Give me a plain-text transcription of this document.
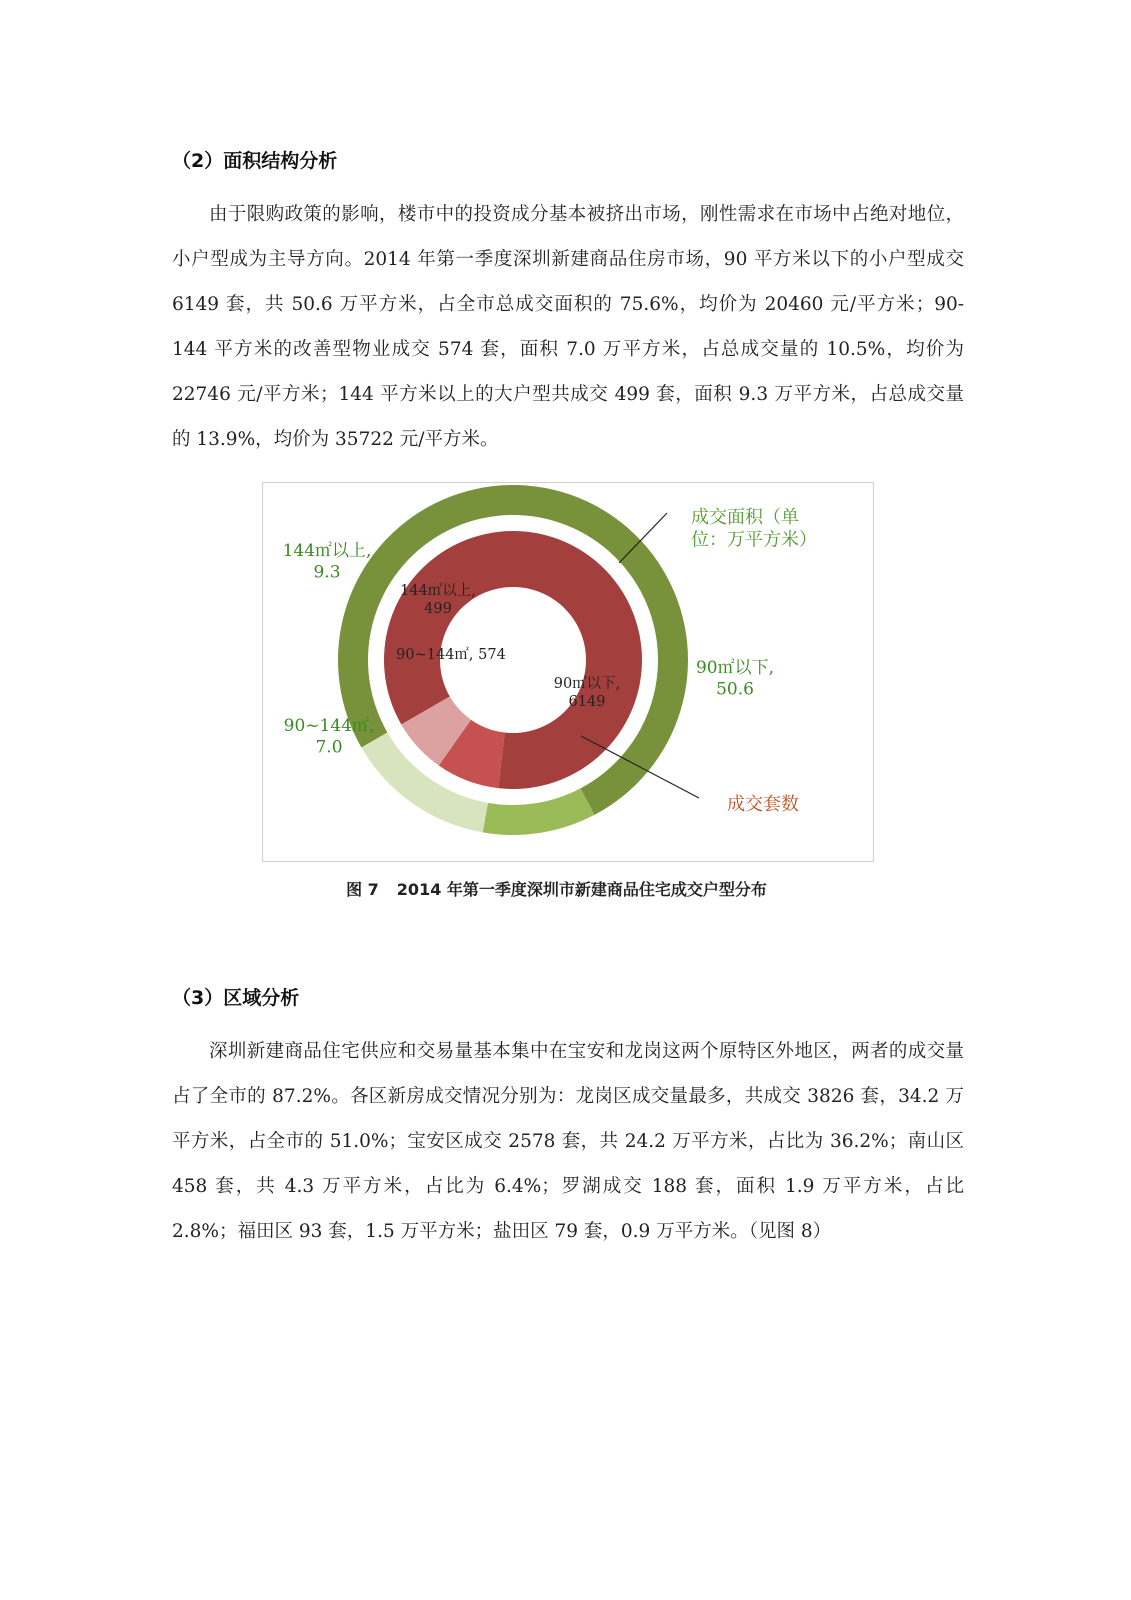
（2）面积结构分析

由于限购政策的影响，楼市中的投资成分基本被挤出市场，刚性需求在市场中占绝对地位，小户型成为主导方向。2014 年第一季度深圳新建商品住房市场，90 平方米以下的小户型成交 6149 套，共 50.6 万平方米，占全市总成交面积的 75.6%，均价为 20460 元/平方米；90-144 平方米的改善型物业成交 574 套，面积 7.0 万平方米，占总成交量的 10.5%，均价为 22746 元/平方米；144 平方米以上的大户型共成交 499 套，面积 9.3 万平方米，占总成交量的 13.9%，均价为 35722 元/平方米。

90㎡以下, 50.6
90~144㎡, 7.0
144㎡以上, 9.3
90㎡以下, 6149
90~144㎡, 574
144㎡以上, 499
成交面积（单位：万平方米）
成交套数
图 7 2014 年第一季度深圳市新建商品住宅成交户型分布
（3）区域分析

深圳新建商品住宅供应和交易量基本集中在宝安和龙岗这两个原特区外地区，两者的成交量占了全市的 87.2%。各区新房成交情况分别为：龙岗区成交量最多，共成交 3826 套，34.2 万平方米，占全市的 51.0%；宝安区成交 2578 套，共 24.2 万平方米，占比为 36.2%；南山区 458 套，共 4.3 万平方米，占比为 6.4%；罗湖成交 188 套，面积 1.9 万平方米，占比 2.8%；福田区 93 套，1.5 万平方米；盐田区 79 套，0.9 万平方米。（见图 8）
